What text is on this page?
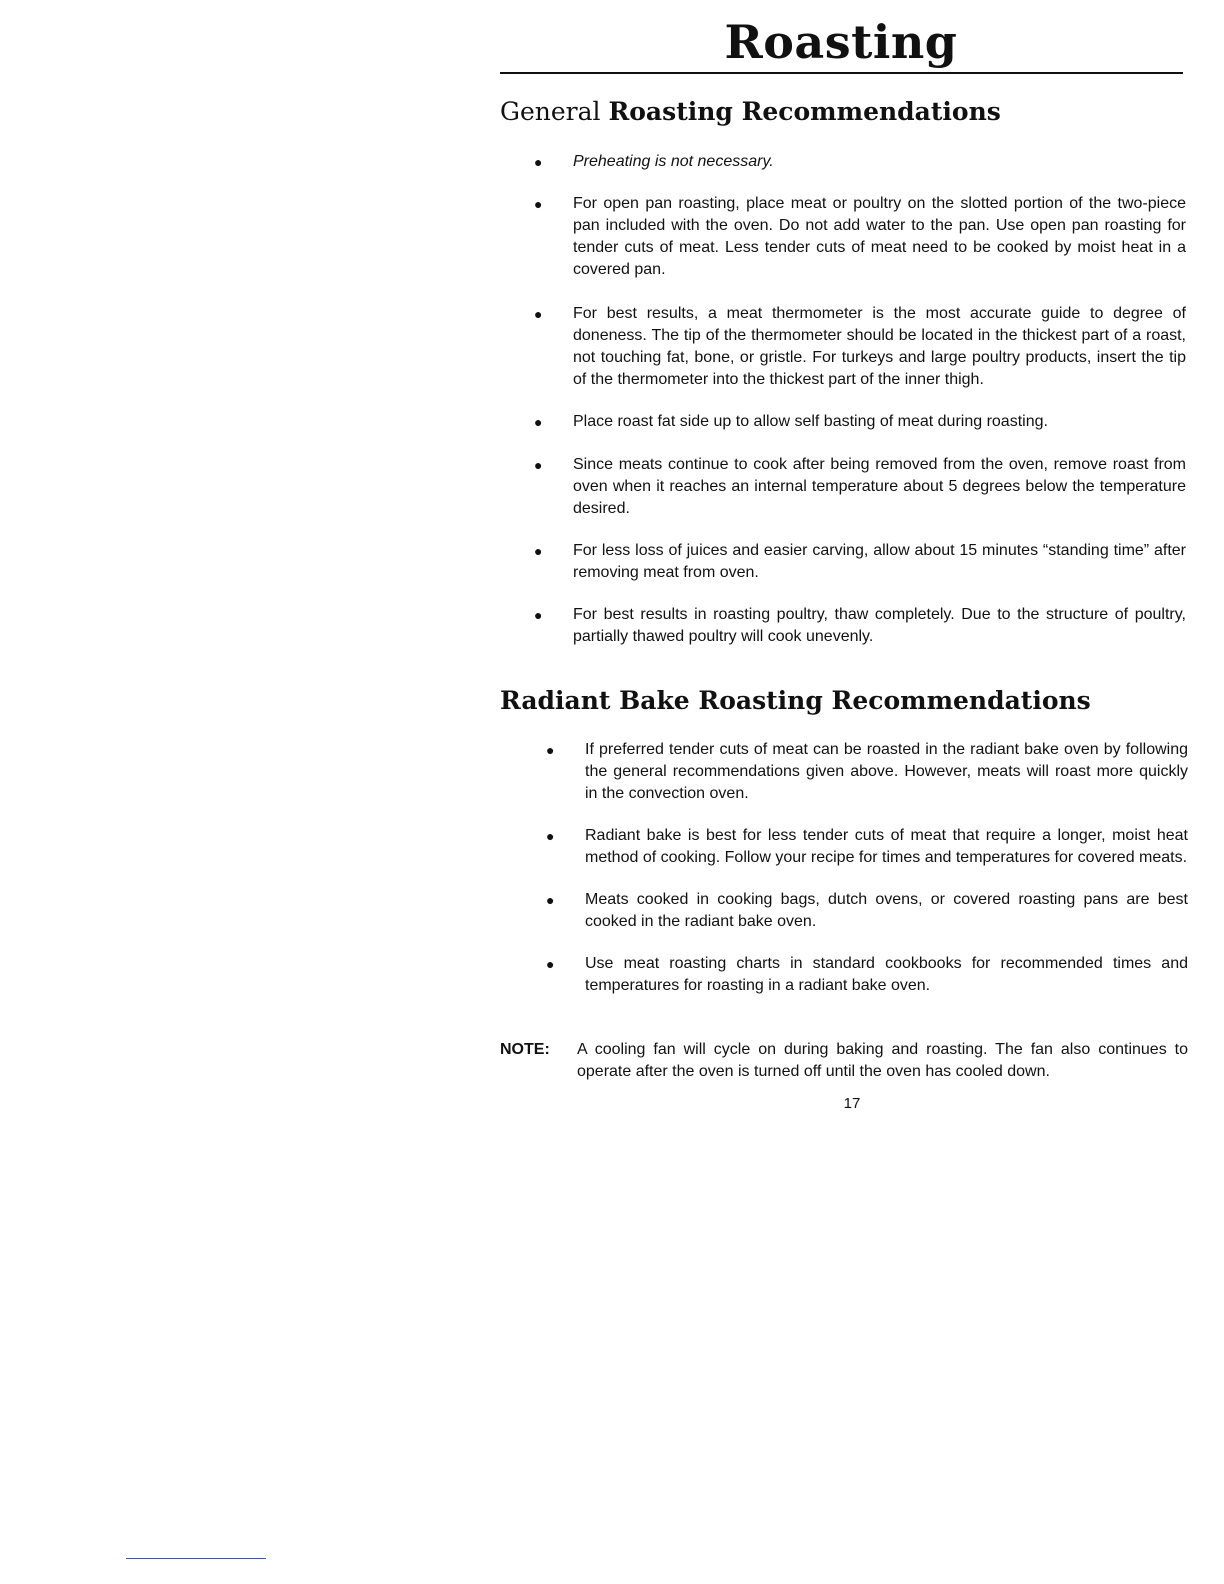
Roasting
General Roasting Recommendations
●	Preheating is not necessary.
●	For open pan roasting, place meat or poultry on the slotted portion of the two-piece pan included with the oven. Do not add water to the pan. Use open pan roasting for tender cuts of meat. Less tender cuts of meat need to be cooked by moist heat in a covered pan.
●	For best results, a meat thermometer is the most accurate guide to degree of doneness. The tip of the thermometer should be located in the thickest part of a roast, not touching fat, bone, or gristle. For turkeys and large poultry products, insert the tip of the thermometer into the thickest part of the inner thigh.
●	Place roast fat side up to allow self basting of meat during roasting.
●	Since meats continue to cook after being removed from the oven, remove roast from oven when it reaches an internal temperature about 5 degrees below the temperature desired.
●	For less loss of juices and easier carving, allow about 15 minutes “standing time” after removing meat from oven.
●	For best results in roasting poultry, thaw completely. Due to the structure of poultry, partially thawed poultry will cook unevenly.
Radiant Bake Roasting Recommendations
●	If preferred tender cuts of meat can be roasted in the radiant bake oven by following the general recommendations given above. However, meats will roast more quickly in the convection oven.
●	Radiant bake is best for less tender cuts of meat that require a longer, moist heat method of cooking. Follow your recipe for times and temperatures for covered meats.
●	Meats cooked in cooking bags, dutch ovens, or covered roasting pans are best cooked in the radiant bake oven.
●	Use meat roasting charts in standard cookbooks for recommended times and temperatures for roasting in a radiant bake oven.
NOTE:	A cooling fan will cycle on during baking and roasting. The fan also continues to operate after the oven is turned off until the oven has cooled down.
17
